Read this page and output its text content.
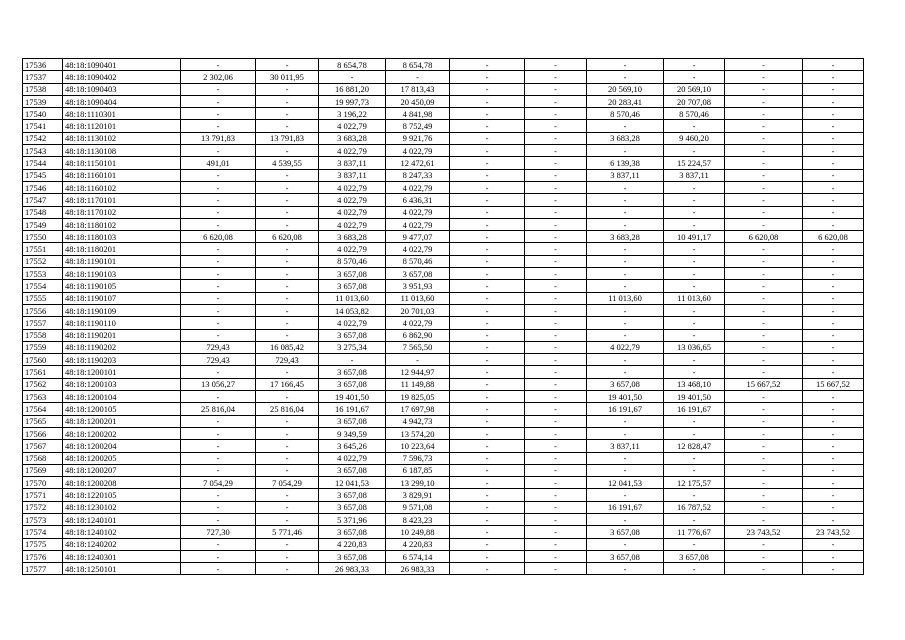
17536	48:18:1090401	-	-	8 654,78	8 654,78	-	-	-	-	-	-
17537	48:18:1090402	2 302,06	30 011,95	-	-	-	-	-	-	-	-
17538	48:18:1090403	-	-	16 881,20	17 813,43	-	-	20 569,10	20 569,10	-	-
17539	48:18:1090404	-	-	19 997,73	20 450,09	-	-	20 283,41	20 707,08	-	-
17540	48:18:1110301	-	-	3 196,22	4 841,98	-	-	8 570,46	8 570,46	-	-
17541	48:18:1120101	-	-	4 022,79	8 752,49	-	-	-	-	-	-
17542	48:18:1130102	13 791,83	13 791,83	3 683,28	9 921,76	-	-	3 683,28	9 460,20	-	-
17543	48:18:1130108	-	-	4 022,79	4 022,79	-	-	-	-	-	-
17544	48:18:1150101	491,01	4 539,55	3 837,11	12 472,61	-	-	6 139,38	15 224,57	-	-
17545	48:18:1160101	-	-	3 837,11	8 247,33	-	-	3 837,11	3 837,11	-	-
17546	48:18:1160102	-	-	4 022,79	4 022,79	-	-	-	-	-	-
17547	48:18:1170101	-	-	4 022,79	6 436,31	-	-	-	-	-	-
17548	48:18:1170102	-	-	4 022,79	4 022,79	-	-	-	-	-	-
17549	48:18:1180102	-	-	4 022,79	4 022,79	-	-	-	-	-	-
17550	48:18:1180103	6 620,08	6 620,08	3 683,28	9 477,07	-	-	3 683,28	10 491,17	6 620,08	6 620,08
17551	48:18:1180201	-	-	4 022,79	4 022,79	-	-	-	-	-	-
17552	48:18:1190101	-	-	8 570,46	8 570,46	-	-	-	-	-	-
17553	48:18:1190103	-	-	3 657,08	3 657,08	-	-	-	-	-	-
17554	48:18:1190105	-	-	3 657,08	3 951,93	-	-	-	-	-	-
17555	48:18:1190107	-	-	11 013,60	11 013,60	-	-	11 013,60	11 013,60	-	-
17556	48:18:1190109	-	-	14 053,82	20 701,03	-	-	-	-	-	-
17557	48:18:1190110	-	-	4 022,79	4 022,79	-	-	-	-	-	-
17558	48:18:1190201	-	-	3 657,08	6 862,90	-	-	-	-	-	-
17559	48:18:1190202	729,43	16 085,42	3 275,34	7 565,50	-	-	4 022,79	13 036,65	-	-
17560	48:18:1190203	729,43	729,43	-	-	-	-	-	-	-	-
17561	48:18:1200101	-	-	3 657,08	12 944,97	-	-	-	-	-	-
17562	48:18:1200103	13 056,27	17 166,45	3 657,08	11 149,88	-	-	3 657,08	13 468,10	15 667,52	15 667,52
17563	48:18:1200104	-	-	19 401,50	19 825,05	-	-	19 401,50	19 401,50	-	-
17564	48:18:1200105	25 816,04	25 816,04	16 191,67	17 697,98	-	-	16 191,67	16 191,67	-	-
17565	48:18:1200201	-	-	3 657,08	4 942,73	-	-	-	-	-	-
17566	48:18:1200202	-	-	9 349,59	13 574,20	-	-	-	-	-	-
17567	48:18:1200204	-	-	3 645,26	10 223,64	-	-	3 837,11	12 828,47	-	-
17568	48:18:1200205	-	-	4 022,79	7 596,73	-	-	-	-	-	-
17569	48:18:1200207	-	-	3 657,08	6 187,85	-	-	-	-	-	-
17570	48:18:1200208	7 054,29	7 054,29	12 041,53	13 299,10	-	-	12 041,53	12 175,57	-	-
17571	48:18:1220105	-	-	3 657,08	3 829,91	-	-	-	-	-	-
17572	48:18:1230102	-	-	3 657,08	9 571,08	-	-	16 191,67	16 787,52	-	-
17573	48:18:1240101	-	-	5 371,96	8 423,23	-	-	-	-	-	-
17574	48:18:1240102	727,30	5 771,46	3 657,08	10 249,88	-	-	3 657,08	11 776,67	23 743,52	23 743,52
17575	48:18:1240202	-	-	4 220,83	4 220,83	-	-	-	-	-	-
17576	48:18:1240301	-	-	3 657,08	6 574,14	-	-	3 657,08	3 657,08	-	-
17577	48:18:1250101	-	-	26 983,33	26 983,33	-	-	-	-	-	-
